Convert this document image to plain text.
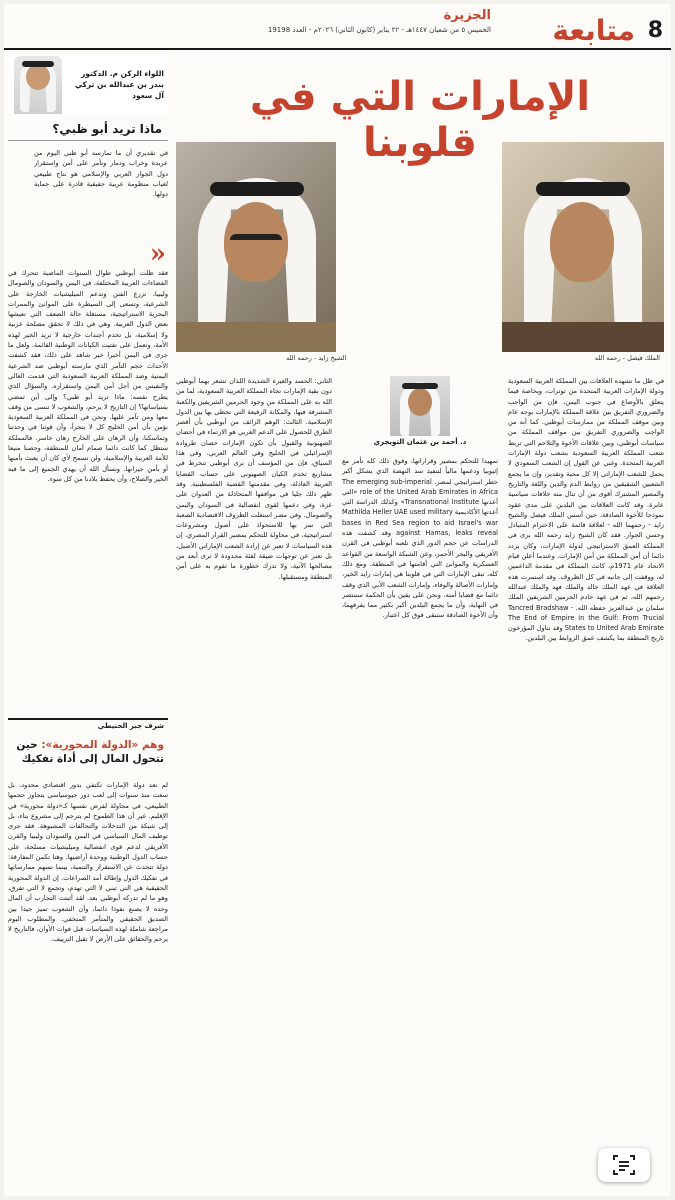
8
متابعة
الجزيرة
الخميس ٥ من شعبان ١٤٤٧هـ - ٢٢ يناير (كانون الثاني) ٢٠٢٦م - العدد 19198
اللواء الركن م. الدكتور بندر بن عبدالله بن تركي آل سعود
ماذا تريد أبو ظبي؟
«
في تقديري أن ما تمارسه أبو ظبي اليوم من عربدة وخراب ودمار وتآمر على أمن واستقرار دول الجوار العربي والإسلامي هو نتاج طبيعي لغياب منظومة عربية حقيقية قادرة على حماية دولها.
فقد ظلت أبوظبي طوال السنوات الماضية تتحرك في الفضاءات العربية المختلفة، في اليمن والسودان والصومال وليبيا، تزرع الفتن وتدعم الميليشيات الخارجة على الشرعية، وتسعى إلى السيطرة على الموانئ والممرات البحرية الاستراتيجية، مستغلة حالة الضعف التي تعيشها بعض الدول العربية. وهي في ذلك لا تحقق مصلحة عربية ولا إسلامية، بل تخدم أجندات خارجية لا تريد الخير لهذه الأمة، وتعمل على تفتيت الكيانات الوطنية القائمة. ولعل ما جرى في اليمن أخيرا خير شاهد على ذلك، فقد كشفت الأحداث حجم التآمر الذي مارسته أبوظبي ضد الشرعية اليمنية وضد المملكة العربية السعودية التي قدمت الغالي والنفيس من أجل أمن اليمن واستقراره. والسؤال الذي يطرح نفسه: ماذا تريد أبو ظبي؟ وإلى أين تمضي بسياساتها؟ إن التاريخ لا يرحم، والشعوب لا تنسى من وقف معها ومن تآمر عليها. ونحن في المملكة العربية السعودية نؤمن بأن أمن الخليج كل لا يتجزأ، وأن قوتنا في وحدتنا وتماسكنا، وأن الرهان على الخارج رهان خاسر. فالمملكة ستظل كما كانت دائما صمام أمان للمنطقة، وحصنا منيعا للأمة العربية والإسلامية، ولن تسمح لأي كان أن يعبث بأمنها أو بأمن جيرانها. ونسأل الله أن يهدي الجميع إلى ما فيه الخير والصلاح، وأن يحفظ بلادنا من كل سوء.
شرف جبر الحنيطي
وهم «الدولة المحورية»: حين تتحول المال إلى أداة تفكيك
لم تعد دولة الإمارات تكتفي بدور اقتصادي محدود، بل سعت منذ سنوات إلى لعب دور جيوسياسي يتجاوز حجمها الطبيعي، في محاولة لفرض نفسها كـ«دولة محورية» في الإقليم. غير أن هذا الطموح لم يترجم إلى مشروع بناء، بل إلى شبكة من التدخلات والتحالفات المشبوهة. فقد جرى توظيف المال السياسي في اليمن والسودان وليبيا والقرن الأفريقي لدعم قوى انفصالية وميليشيات مسلحة، على حساب الدول الوطنية ووحدة أراضيها. وهنا تكمن المفارقة: دولة تتحدث عن الاستقرار والتنمية، بينما تسهم ممارساتها في تفكيك الدول وإطالة أمد الصراعات. إن الدولة المحورية الحقيقية هي التي تبني لا التي تهدم، وتجمع لا التي تفرق، وهو ما لم تدركه أبوظبي بعد. لقد أثبتت التجارب أن المال وحده لا يصنع نفوذا دائما، وأن الشعوب تميز جيدا بين الصديق الحقيقي والمتآمر المتخفي. والمطلوب اليوم مراجعة شاملة لهذه السياسات قبل فوات الأوان، فالتاريخ لا يرحم والحقائق على الأرض لا تقبل التزييف.
الإمارات التي في قلوبنا
الملك فيصل - رحمه الله
الشيخ زايد - رحمه الله
في ظل ما تشهده العلاقات بين المملكة العربية السعودية ودولة الإمارات العربية المتحدة من توترات، وبخاصة فيما يتعلق بالأوضاع في جنوب اليمن، فإن من الواجب والضروري التفريق بين علاقة المملكة بالإمارات بوجه عام وبين موقف المملكة من ممارسات أبوظبي. كما أنه من الواجب والضروري التفريق بين مواقف المملكة من سياسات أبوظبي، وبين علاقات الأخوة والتلاحم التي تربط شعب المملكة العربية السعودية بشعب دولة الإمارات العربية المتحدة. وغني عن القول إن الشعب السعودي لا يحمل للشعب الإماراتي إلا كل محبة وتقدير، وإن ما يجمع الشعبين الشقيقين من روابط الدم والدين واللغة والتاريخ والمصير المشترك أقوى من أن تنال منه خلافات سياسية عابرة. وقد كانت العلاقات بين البلدين على مدى عقود نموذجا للأخوة الصادقة، حين أسس الملك فيصل والشيخ زايد - رحمهما الله - لعلاقة قائمة على الاحترام المتبادل وحسن الجوار. فقد كان الشيخ زايد رحمه الله يرى في المملكة العمق الاستراتيجي لدولة الإمارات، وكان يردد دائما أن أمن المملكة من أمن الإمارات. وعندما أعلن قيام الاتحاد عام 1971م، كانت المملكة في مقدمة الداعمين له، ووقفت إلى جانبه في كل الظروف. وقد استمرت هذه العلاقة في عهد الملك خالد والملك فهد والملك عبدالله رحمهم الله، ثم في عهد خادم الحرمين الشريفين الملك سلمان بن عبدالعزيز حفظه الله. Tancred Bradshaw - The End of Empire in the Gulf: From Trucial States to United Arab Emirate وقد تناول المؤرخون تاريخ المنطقة بما يكشف عمق الروابط بين البلدين.
د. أحمد بن عثمان التويجري
تمهيدا للتحكم بمصير وقراراتها، وفوق ذلك كله تأمر مع إثيوبيا ودعمها مالياً لتنفيذ سد النهضة الذي يشكل أكبر خطر استراتيجي لمصر. The emerging sub-imperial role of the United Arab Emirates in Africa «التي أعدتها Transnational Institute» وكذلك الدراسة التي أعدتها الأكاديمية Mathilda Heller UAE used military bases in Red Sea region to aid Israel's war against Hamas, leaks reveal وقد كشفت هذه الدراسات عن حجم الدور الذي تلعبه أبوظبي في القرن الأفريقي والبحر الأحمر، وعن الشبكة الواسعة من القواعد العسكرية والموانئ التي أقامتها في المنطقة. ومع ذلك كله، تبقى الإمارات التي في قلوبنا هي إمارات زايد الخير، وإمارات الأصالة والوفاء، وإمارات الشعب الأبي الذي وقف دائما مع قضايا أمته. ونحن على يقين بأن الحكمة ستنتصر في النهاية، وأن ما يجمع البلدين أكبر بكثير مما يفرقهما، وأن الأخوة الصادقة ستبقى فوق كل اعتبار.
الثاني: الحسد والغيرة الشديدة اللذان تشعر بهما أبوظبي دون بقية الإمارات تجاه المملكة العربية السعودية، لما من الله به على المملكة من وجود الحرمين الشريفين والكعبة المشرفة فيها، والمكانة الرفيعة التي تحظى بها بين الدول الإسلامية. الثالث: الوهم الزائف من أبوظبي بأن أقصر الطرق للحصول على الدعم الغربي هو الارتماء في أحضان الصهيونية والقبول بأن تكون الإمارات حصان طروادة الإسرائيلي في الخليج وفي العالم العربي. وفي هذا السياق، فإن من المؤسف أن نرى أبوظبي تنخرط في مشاريع تخدم الكيان الصهيوني على حساب القضايا العربية العادلة، وفي مقدمتها القضية الفلسطينية. وقد ظهر ذلك جليا في مواقفها المتخاذلة من العدوان على غزة، وفي دعمها لقوى انفصالية في السودان واليمن والصومال. وفي مصر استغلت الظروف الاقتصادية الصعبة التي تمر بها للاستحواذ على أصول ومشروعات استراتيجية، في محاولة للتحكم بمصير القرار المصري. إن هذه السياسات لا تعبر عن إرادة الشعب الإماراتي الأصيل، بل تعبر عن توجهات ضيقة لفئة محدودة لا ترى أبعد من مصالحها الآنية، ولا تدرك خطورة ما تقوم به على أمن المنطقة ومستقبلها.
